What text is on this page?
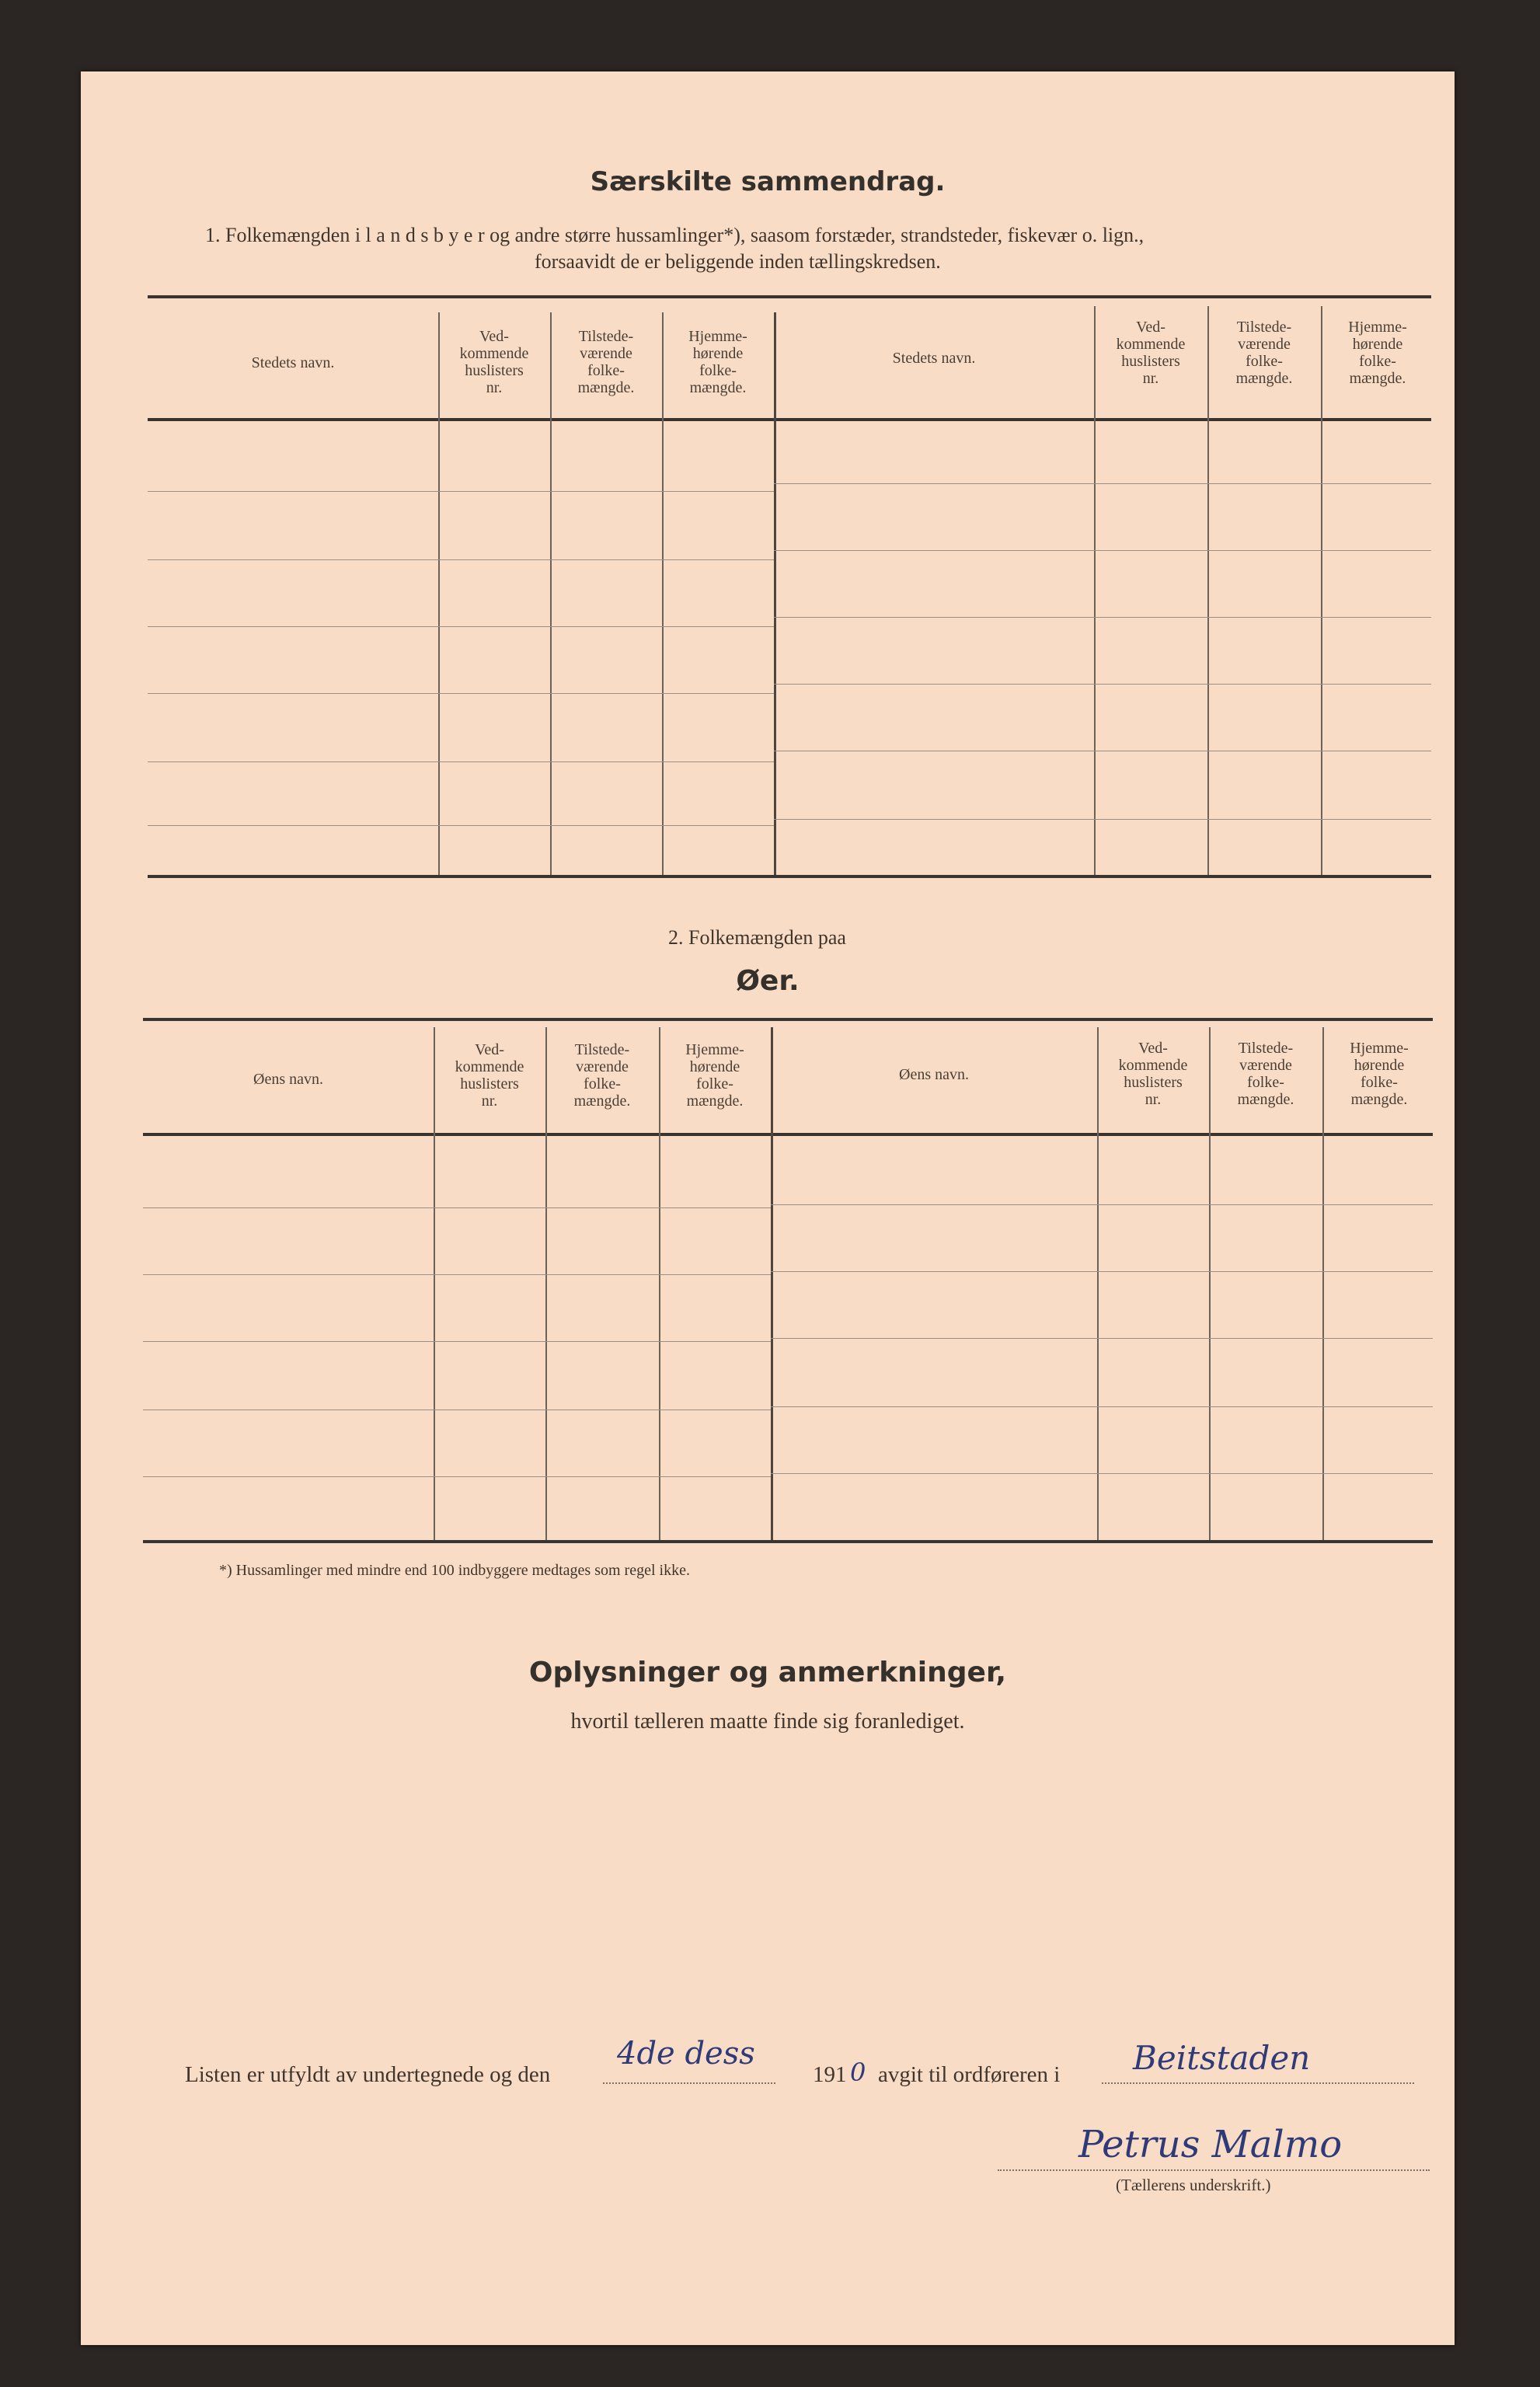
Særskilte sammendrag.
1. Folkemængden i l a n d s b y e r og andre større hussamlinger*), saasom forstæder, strandsteder, fiskevær o. lign.,
forsaavidt de er beliggende inden tællingskredsen.
Stedets navn.
Ved-
kommende
huslisters
nr.
Tilstede-
værende
folke-
mængde.
Hjemme-
hørende
folke-
mængde.
Stedets navn.
Ved-
kommende
huslisters
nr.
Tilstede-
værende
folke-
mængde.
Hjemme-
hørende
folke-
mængde.
2. Folkemængden paa
Øer.
Øens navn.
Ved-
kommende
huslisters
nr.
Tilstede-
værende
folke-
mængde.
Hjemme-
hørende
folke-
mængde.
Øens navn.
Ved-
kommende
huslisters
nr.
Tilstede-
værende
folke-
mængde.
Hjemme-
hørende
folke-
mængde.
*) Hussamlinger med mindre end 100 indbyggere medtages som regel ikke.
Oplysninger og anmerkninger,
hvortil tælleren maatte finde sig foranlediget.
Listen er utfyldt av undertegnede og den
4de dess
191 0 avgit til ordføreren i Beitstaden
Petrus Malmo
(Tællerens underskrift.)
